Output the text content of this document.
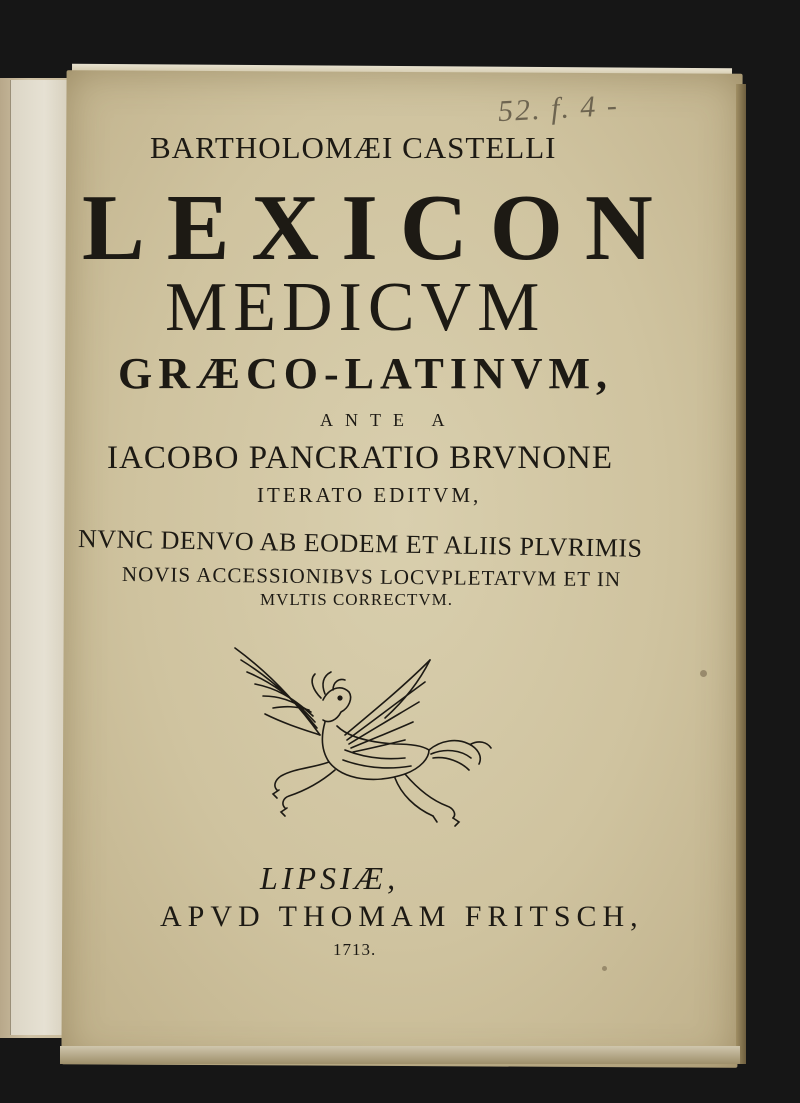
52. f. 4 -
BARTHOLOMÆI CASTELLI
LEXICON
MEDICVM
GRÆCO-LATINVM,
ANTE A
IACOBO PANCRATIO BRVNONE
ITERATO EDITVM,
NVNC DENVO AB EODEM ET ALIIS PLVRIMIS
NOVIS ACCESSIONIBVS LOCVPLETATVM ET IN
MVLTIS CORRECTVM.
LIPSIÆ,
APVD THOMAM FRITSCH,
1713.
